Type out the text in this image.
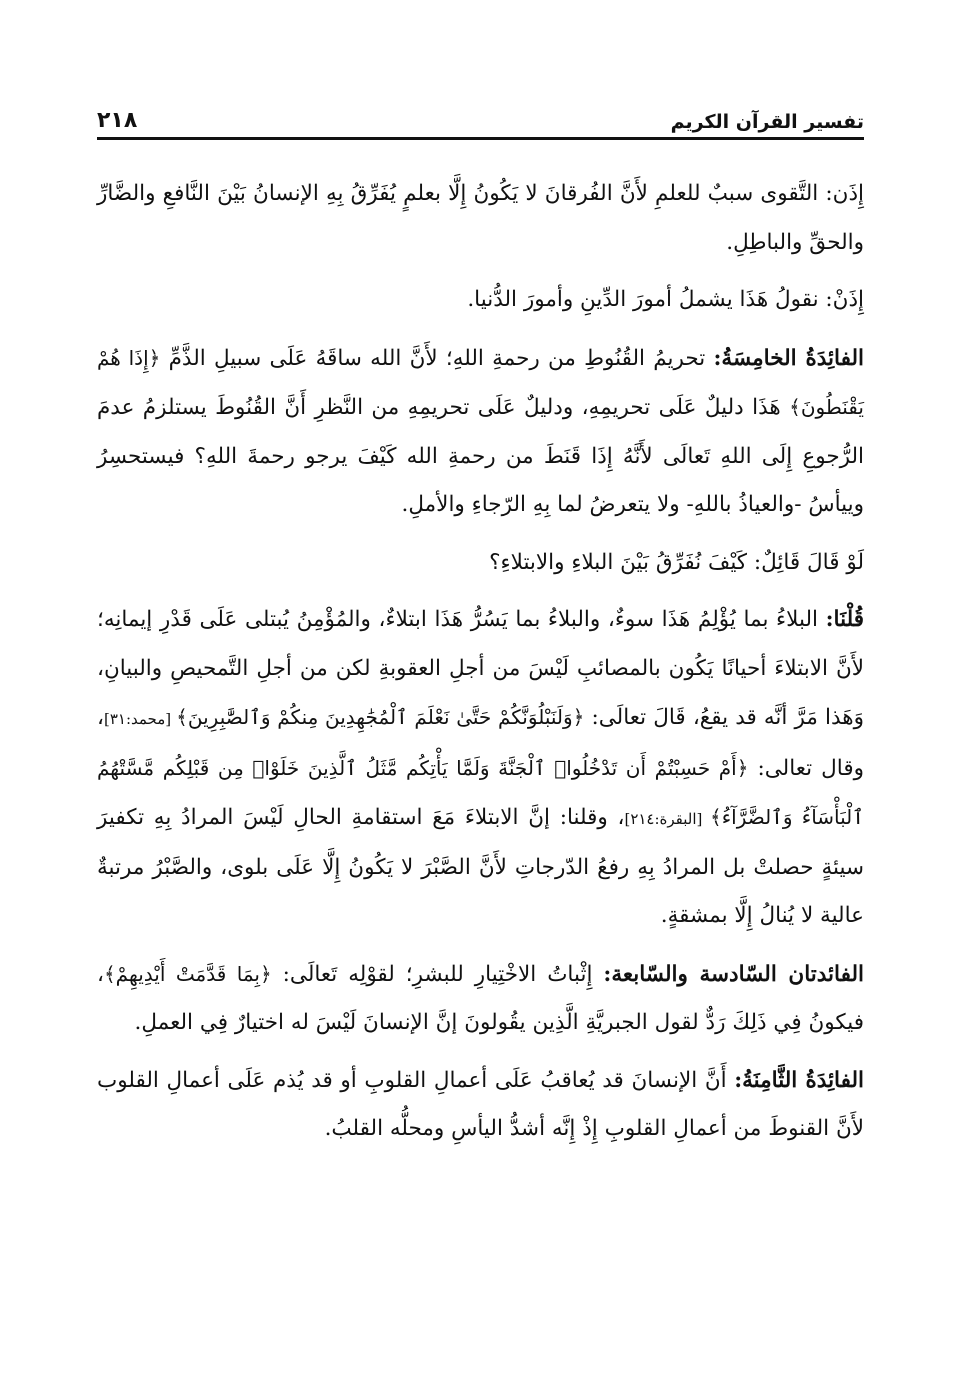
٢١٨	تفسير القرآن الكريم

إِذَن: التَّقوى سببٌ للعلمِ لأَنَّ الفُرقانَ لا يَكُونُ إِلَّا بعلمٍ يُفَرِّقُ بِهِ الإنسانُ بَيْنَ النَّافعِ والضَّارِّ والحقِّ والباطِلِ.

إِذَنْ: نقولُ هَذَا يشملُ أمورَ الدِّينِ وأمورَ الدُّنيا.

الفائِدَةُ الخامِسَةُ: تحريمُ القُنُوطِ من رحمةِ اللهِ؛ لأَنَّ الله ساقَهُ عَلَى سبيلِ الذَّمِّ ﴿إِذَا هُمْ يَقْنَطُونَ﴾ هَذَا دليلٌ عَلَى تحريمِهِ، ودليلٌ عَلَى تحريمِهِ من النَّظرِ أَنَّ القُنُوطَ يستلزمُ عدمَ الرُّجوعِ إِلَى اللهِ تَعالَى لأَنَّهُ إِذَا قَنَطَ من رحمةِ الله كَيْفَ يرجو رحمةَ اللهِ؟ فيستحسِرُ وييأسُ -والعياذُ باللهِ- ولا يتعرضُ لما بِهِ الرّجاءِ والأملِ.

لَوْ قَالَ قَائِلٌ: كَيْفَ نُفَرِّقُ بَيْنَ البلاءِ والابتلاءِ؟

قُلْنَا: البلاءُ بما يُؤْلِمُ هَذَا سوءٌ، والبلاءُ بما يَسُرُّ هَذَا ابتلاءٌ، والمُؤْمِنُ يُبتلى عَلَى قَدْرِ إيمانِه؛ لأَنَّ الابتلاءَ أحيانًا يَكُون بالمصائبِ لَيْسَ من أجلِ العقوبةِ لكن من أجلِ التَّمحيصِ والبيانِ، وَهَذا مَرَّ أنَّه قد يقعُ، قَالَ تعالَى: ﴿وَلَنَبْلُوَنَّكُمْ حَتَّىٰ نَعْلَمَ ٱلْمُجَٰهِدِينَ مِنكُمْ وَٱلصَّٰبِرِينَ﴾ [محمد:٣١]، وقال تعالى: ﴿أَمْ حَسِبْتُمْ أَن تَدْخُلُوا۟ ٱلْجَنَّةَ وَلَمَّا يَأْتِكُم مَّثَلُ ٱلَّذِينَ خَلَوْا۟ مِن قَبْلِكُم مَّسَّتْهُمُ ٱلْبَأْسَآءُ وَٱلضَّرَّآءُ﴾ [البقرة:٢١٤]، وقلنا: إنَّ الابتلاءَ مَعَ استقامةِ الحالِ لَيْسَ المرادُ بِهِ تكفيرَ سيئةٍ حصلتْ بل المرادُ بِهِ رفعُ الدّرجاتِ لأَنَّ الصَّبْرَ لا يَكُونُ إِلَّا عَلَى بلوى، والصَّبْرُ مرتبةٌ عالية لا يُنالُ إِلَّا بمشقةٍ.

الفائدتان السّادسة والسّابعة: إِثْباتُ الاخْتِيارِ للبشرِ؛ لقوْلِه تَعالَى: ﴿بِمَا قَدَّمَتْ أَيْدِيهِمْ﴾، فيكونُ فِي ذَلِكَ رَدٌّ لقول الجبريَّةِ الَّذِين يقُولونَ إنَّ الإنسانَ لَيْسَ له اختيارٌ فِي العملِ.

الفائِدَةُ الثَّامِنَةُ: أَنَّ الإنسانَ قد يُعاقبُ عَلَى أعمالِ القلوبِ أو قد يُذم عَلَى أعمالِ القلوب لأَنَّ القنوطَ من أعمالِ القلوبِ إِذْ إِنَّه أشدُّ اليأسِ ومحلُّه القلبُ.
